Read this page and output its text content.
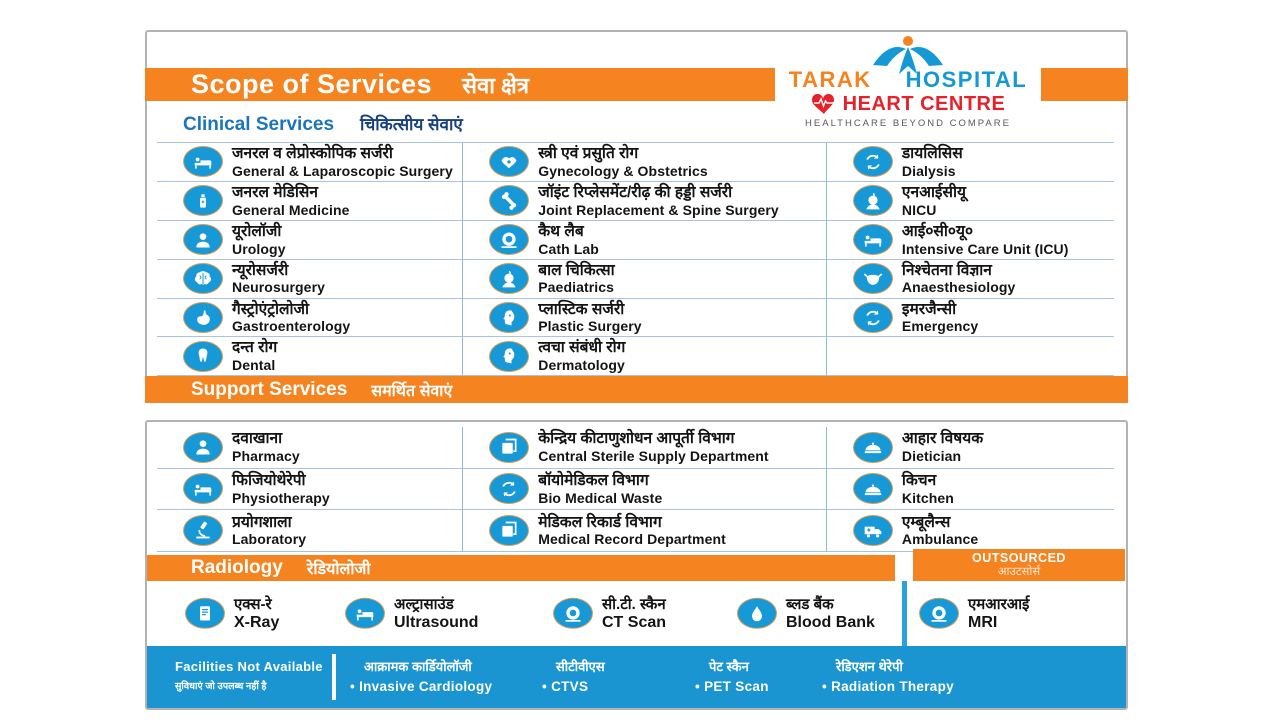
Scope of Services सेवा क्षेत्र	TARAK HOSPITAL
HEART CENTRE
HEALTHCARE BEYOND COMPARE
Clinical Services चिकित्सीय सेवाएं
जनरल व लेप्रोस्कोपिक सर्जरी
General & Laparoscopic Surgery
जनरल मेडिसिन
General Medicine
यूरोलॉजी
Urology
न्यूरोसर्जरी
Neurosurgery
गैस्ट्रोएंट्रोलोजी
Gastroenterology
दन्त रोग
Dental
स्त्री एवं प्रसुति रोग
Gynecology & Obstetrics
जॉइंट रिप्लेसमेंट/रीढ़ की हड्डी सर्जरी
Joint Replacement & Spine Surgery
कैथ लैब
Cath Lab
बाल चिकित्सा
Paediatrics
प्लास्टिक सर्जरी
Plastic Surgery
त्वचा संबंधी रोग
Dermatology
डायलिसिस
Dialysis
एनआईसीयू
NICU
आई०सी०यू०
Intensive Care Unit (ICU)
निश्चेतना विज्ञान
Anaesthesiology
इमरजैन्सी
Emergency
Support Services समर्थित सेवाएं
दवाखाना
Pharmacy
फिजियोथेरेपी
Physiotherapy
प्रयोगशाला
Laboratory
केन्द्रिय कीटाणुशोधन आपूर्ती विभाग
Central Sterile Supply Department
बॉयोमेडिकल विभाग
Bio Medical Waste
मेडिकल रिकार्ड विभाग
Medical Record Department
आहार विषयक
Dietician
किचन
Kitchen
एम्बूलैन्स
Ambulance
Radiology रेडियोलोजी
OUTSOURCED
आउटसोर्स
एक्स-रे
X-Ray
अल्ट्रासाउंड
Ultrasound
सी.टी. स्कैन
CT Scan
ब्लड बैंक
Blood Bank
एमआरआई
MRI
Facilities Not Available
सुविधाएं जो उपलब्ध नहीं है
आक्रामक कार्डियोलॉजी
• Invasive Cardiology
सीटीवीएस
• CTVS
पेट स्कैन
• PET Scan
रेडिएशन थेरेपी
• Radiation Therapy
